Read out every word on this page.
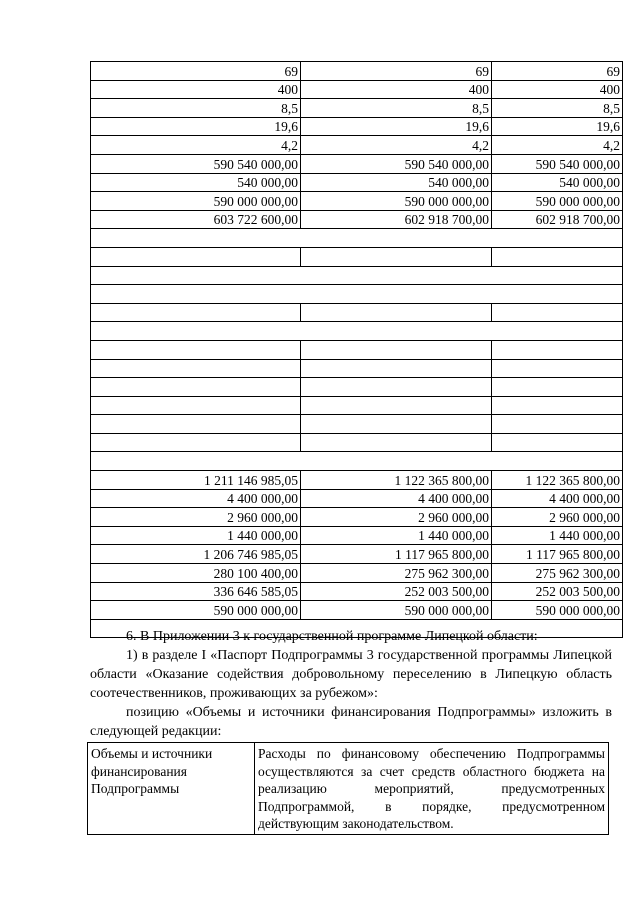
69	69	69
400	400	400
8,5	8,5	8,5
19,6	19,6	19,6
4,2	4,2	4,2
590 540 000,00	590 540 000,00	590 540 000,00
540 000,00	540 000,00	540 000,00
590 000 000,00	590 000 000,00	590 000 000,00
603 722 600,00	602 918 700,00	602 918 700,00

1 211 146 985,05	1 122 365 800,00	1 122 365 800,00
4 400 000,00	4 400 000,00	4 400 000,00
2 960 000,00	2 960 000,00	2 960 000,00
1 440 000,00	1 440 000,00	1 440 000,00
1 206 746 985,05	1 117 965 800,00	1 117 965 800,00
280 100 400,00	275 962 300,00	275 962 300,00
336 646 585,05	252 003 500,00	252 003 500,00
590 000 000,00	590 000 000,00	590 000 000,00

6. В Приложении 3 к государственной программе Липецкой области:

1) в разделе I «Паспорт Подпрограммы 3 государственной программы Липецкой области «Оказание содействия добровольному переселению в Липецкую область соотечественников, проживающих за рубежом»:

позицию «Объемы и источники финансирования Подпрограммы» изложить в следующей редакции:

Объемы и источники финансирования Подпрограммы	Расходы по финансовому обеспечению Подпрограммы осуществляются за счет средств областного бюджета на реализацию мероприятий, предусмотренных Подпрограммой, в порядке, предусмотренном действующим законодательством.
